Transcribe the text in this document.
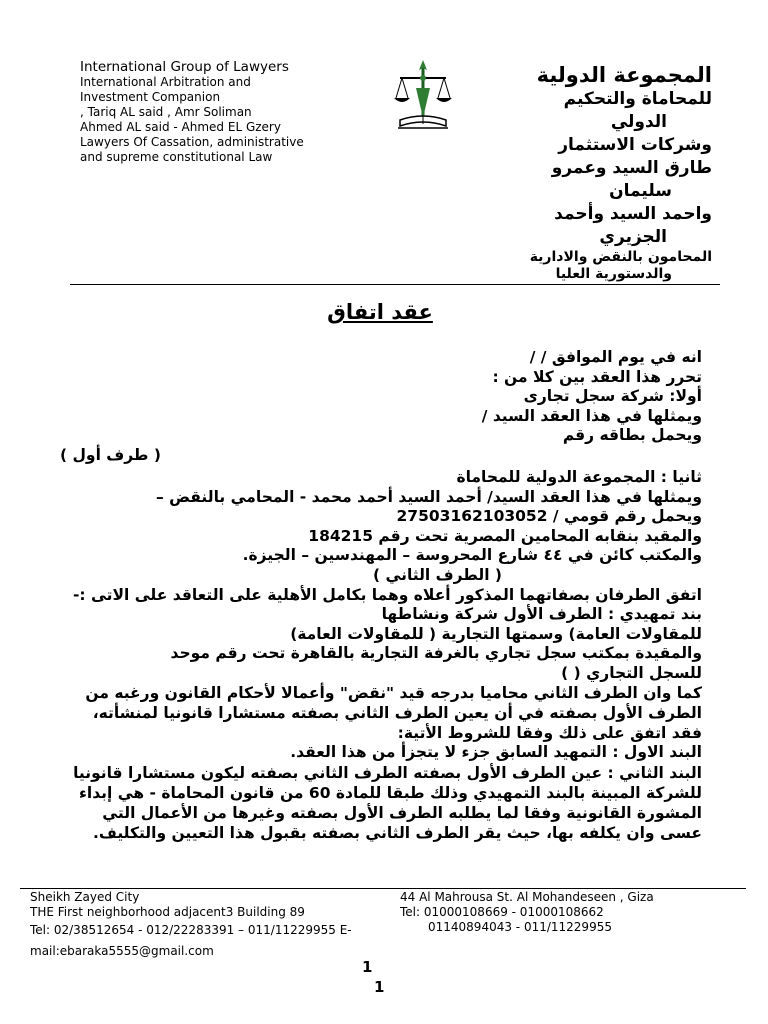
International Group of Lawyers
International Arbitration and
Investment Companion
, Tariq AL said , Amr Soliman
Ahmed AL said - Ahmed EL Gzery
Lawyers Of Cassation, administrative
and supreme constitutional Law
المجموعة الدولية
للمحاماة والتحكيم
الدولي
وشركات الاستثمار
طارق السيد وعمرو
سليمان
واحمد السيد وأحمد
الجزيري
المحامون بالنقض والادارية
والدستورية العليا
عقد اتفاق
انه في يوم الموافق / /
تحرر هذا العقد بين كلا من :
أولا: شركة سجل تجارى
ويمثلها في هذا العقد السيد /
ويحمل بطاقه رقم
( طرف أول )
ثانيا : المجموعة الدولية للمحاماة
ويمثلها في هذا العقد السيد/ أحمد السيد أحمد محمد - المحامي بالنقض –
ويحمل رقم قومي / 27503162103052
والمقيد بنقابه المحامين المصرية تحت رقم 184215
والمكتب كائن في ٤٤ شارع المحروسة – المهندسين – الجيزة.
( الطرف الثاني )
اتفق الطرفان بصفاتهما المذكور أعلاه وهما بكامل الأهلية على التعاقد على الاتى :-
بند تمهيدي : الطرف الأول شركة ونشاطها
للمقاولات العامة) وسمتها التجارية ( للمقاولات العامة)
والمقيدة بمكتب سجل تجاري بالغرفة التجارية بالقاهرة تحت رقم موحد
للسجل التجاري ( )
كما وان الطرف الثاني محاميا بدرجه قيد "نقض" وأعمالا لأحكام القانون ورغبه من الطرف الأول بصفته في أن يعين الطرف الثاني بصفته مستشارا قانونيا لمنشأته، فقد اتفق على ذلك وفقا للشروط الأتية:
البند الاول : التمهيد السابق جزء لا يتجزأ من هذا العقد.
البند الثاني : عين الطرف الأول بصفته الطرف الثاني بصفته ليكون مستشارا قانونيا للشركة المبينة بالبند التمهيدي وذلك طبقا للمادة 60 من قانون المحاماة - هي إبداء المشورة القانونية وفقا لما يطلبه الطرف الأول بصفته وغيرها من الأعمال التي عسى وان يكلفه بها، حيث يقر الطرف الثاني بصفته بقبول هذا التعيين والتكليف.
Sheikh Zayed City
THE First neighborhood adjacent3 Building 89
Tel: 02/38512654 - 012/22283391 – 011/11229955 E-
mail:ebaraka5555@gmail.com
44 Al Mahrousa St. Al Mohandeseen , Giza
Tel: 01000108669 - 01000108662
01140894043 - 011/11229955
1
1
